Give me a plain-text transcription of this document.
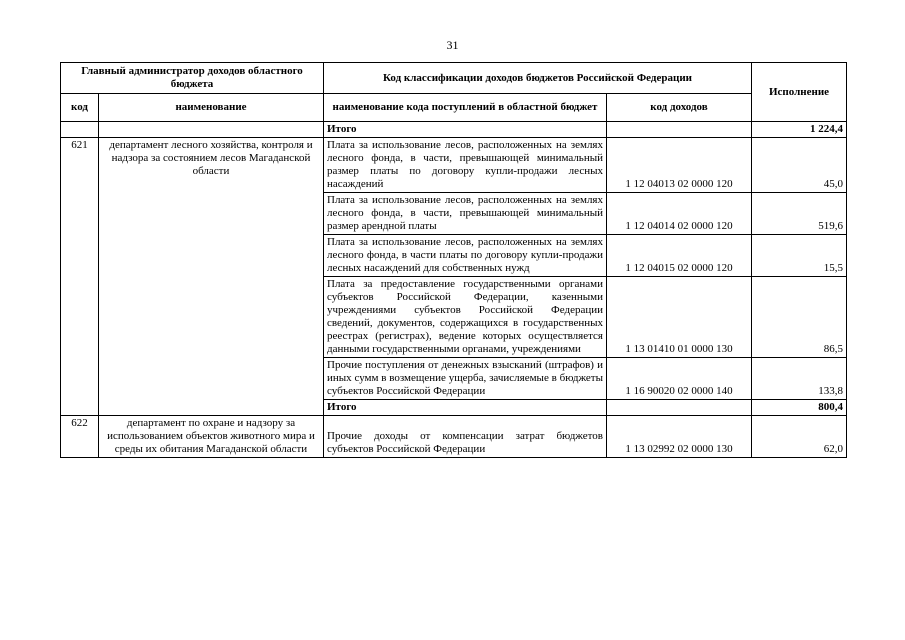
31
Главный администратор доходов областного бюджета		Код классификации доходов бюджетов Российской Федерации		Исполнение
код	наименование	наименование кода поступлений в областной бюджет	код доходов	
		Итого		1 224,4
621	департамент лесного хозяйства, контроля и надзора за состоянием лесов Магаданской области	Плата за использование лесов, расположенных на землях лесного фонда, в части, превышающей минимальный размер платы по договору купли-продажи лесных насаждений	1 12 04013 02 0000 120	45,0
		Плата за использование лесов, расположенных на землях лесного фонда, в части, превышающей минимальный размер арендной платы	1 12 04014 02 0000 120	519,6
		Плата за использование лесов, расположенных на землях лесного фонда, в части платы по договору купли-продажи лесных насаждений для собственных нужд	1 12 04015 02 0000 120	15,5
		Плата за предоставление государственными органами субъектов Российской Федерации, казенными учреждениями субъектов Российской Федерации сведений, документов, содержащихся в государственных реестрах (регистрах), ведение которых осуществляется данными государственными органами, учреждениями	1 13 01410 01 0000 130	86,5
		Прочие поступления от денежных взысканий (штрафов) и иных сумм в возмещение ущерба, зачисляемые в бюджеты субъектов Российской Федерации	1 16 90020 02 0000 140	133,8
		Итого		800,4
622	департамент по охране и надзору за использованием объектов животного мира и среды их обитания Магаданской области	Прочие доходы от компенсации затрат бюджетов субъектов Российской Федерации	1 13 02992 02 0000 130	62,0
